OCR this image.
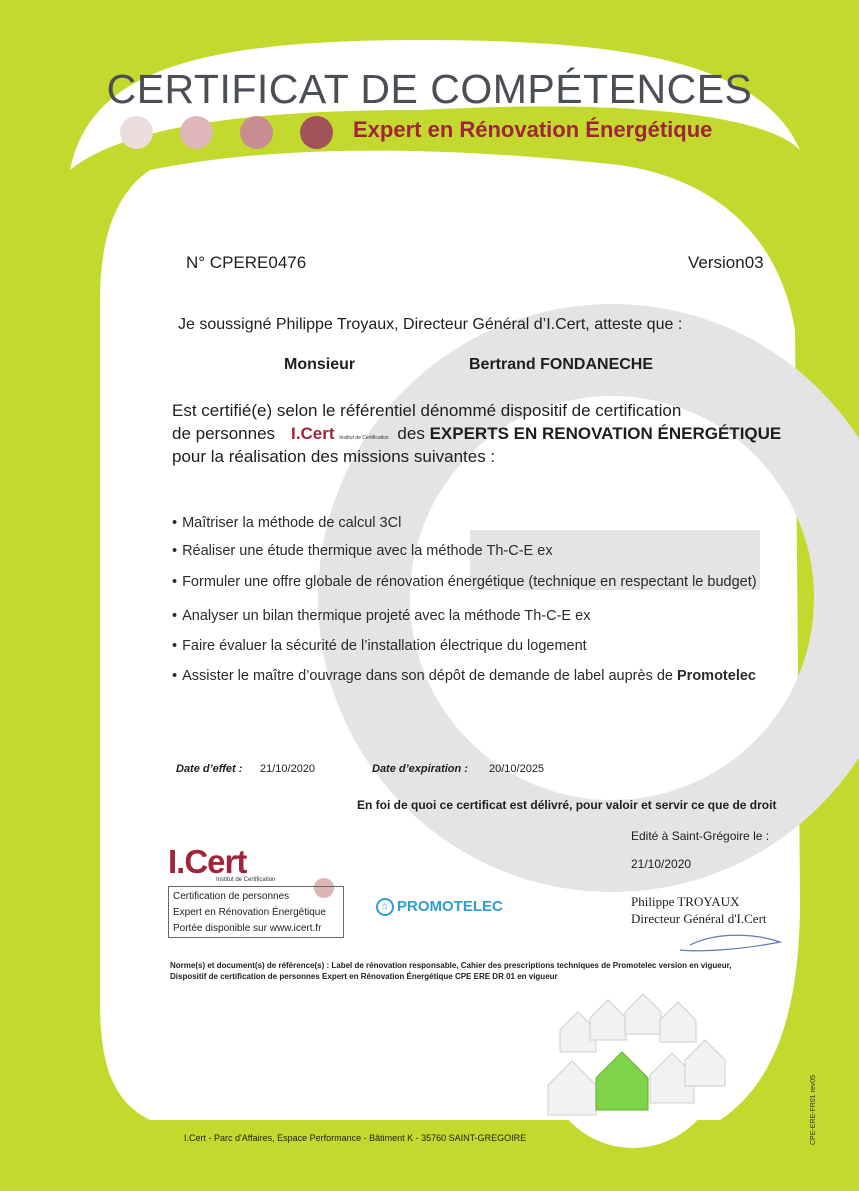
CERTIFICAT DE COMPÉTENCES
Expert en Rénovation Énergétique
N° CPERE0476	Version03
Je soussigné Philippe Troyaux, Directeur Général d’I.Cert, atteste que :
Monsieur	Bertrand FONDANECHE
Est certifié(e) selon le référentiel dénommé dispositif de certification
de personnes I.Cert Institut de Certification des EXPERTS EN RENOVATION ÉNERGÉTIQUE
pour la réalisation des missions suivantes :
• Maîtriser la méthode de calcul 3Cl
• Réaliser une étude thermique avec la méthode Th-C-E ex
• Formuler une offre globale de rénovation énergétique (technique en respectant le budget)
• Analyser un bilan thermique projeté avec la méthode Th-C-E ex
• Faire évaluer la sécurité de l’installation électrique du logement
• Assister le maître d’ouvrage dans son dépôt de demande de label auprès de Promotelec
Date d’effet : 21/10/2020	Date d’expiration : 20/10/2025
En foi de quoi ce certificat est délivré, pour valoir et servir ce que de droit
Edité à Saint-Grégoire le :
21/10/2020
Philippe TROYAUX
Directeur Général d'I.Cert
I.Cert
Institut de Certification
Certification de personnes
Expert en Rénovation Énergétique
Portée disponible sur www.icert.fr
⌂ PROMOTELEC
Norme(s) et document(s) de référence(s) : Label de rénovation responsable, Cahier des prescriptions techniques de Promotelec version en vigueur,
Dispositif de certification de personnes Expert en Rénovation Énergétique CPE ERE DR 01 en vigueur
I.Cert - Parc d'Affaires, Espace Performance - Bâtiment K - 35760 SAINT-GREGOIRE	CPE-ERE-FR01 rev05
